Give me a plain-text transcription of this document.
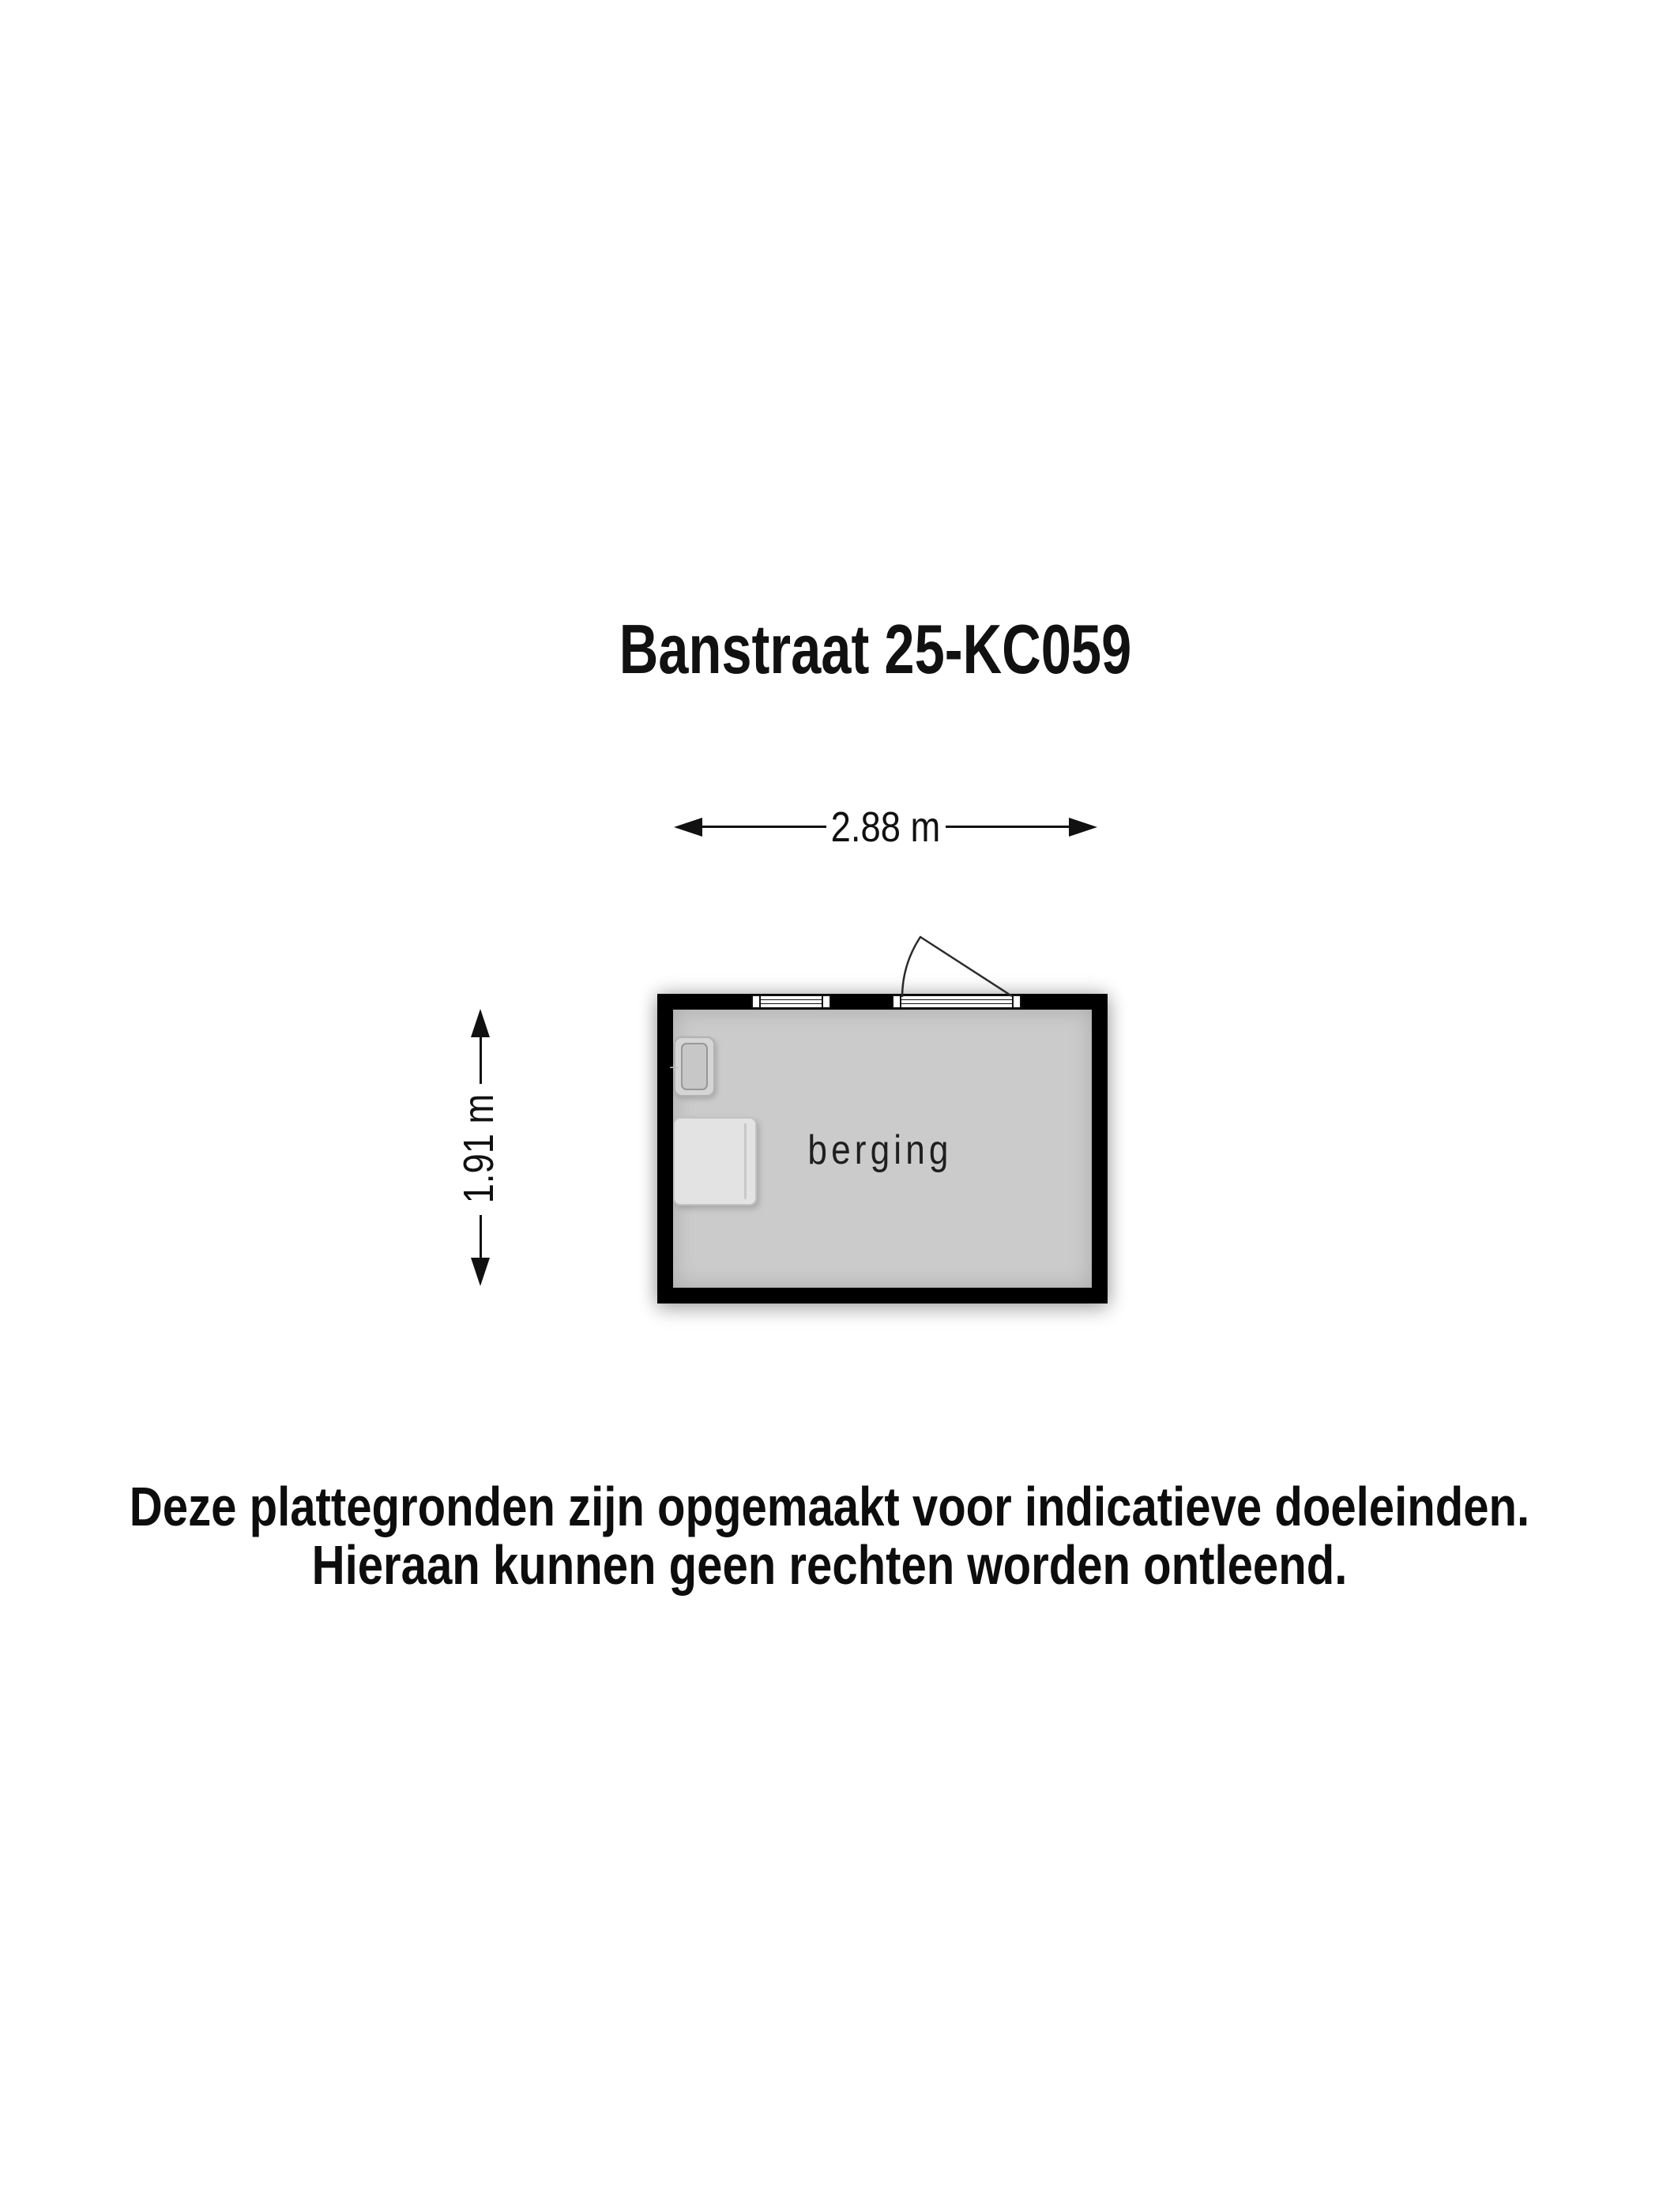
Banstraat 25-KC059
2.88 m
1.91 m
+
berging
Deze plattegronden zijn opgemaakt voor indicatieve doeleinden.
Hieraan kunnen geen rechten worden ontleend.
